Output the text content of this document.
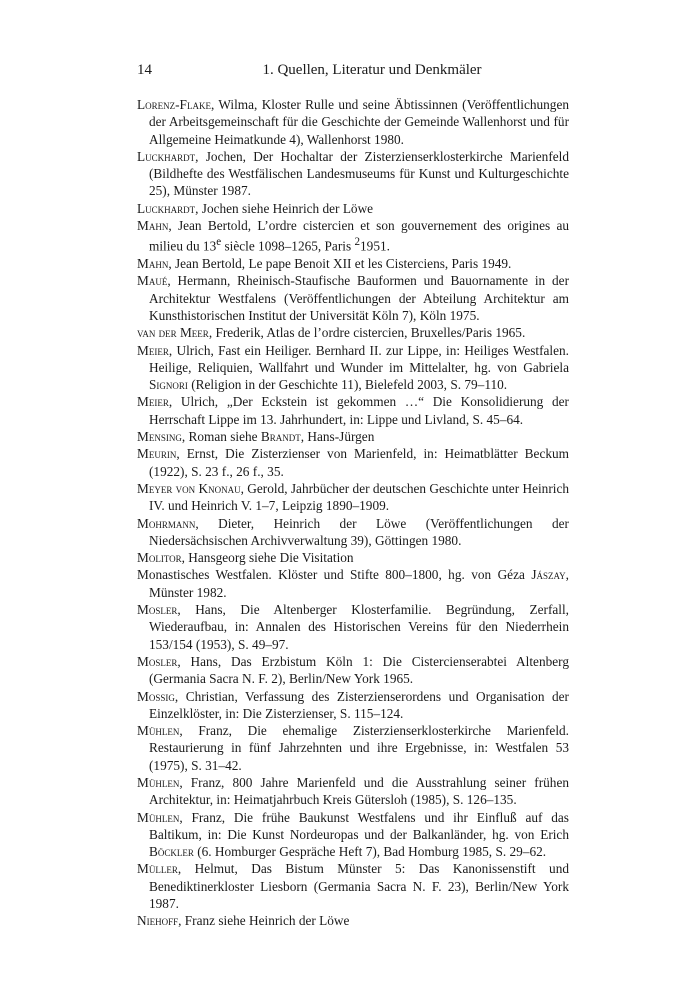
14	1. Quellen, Literatur und Denkmäler

Lorenz-Flake, Wilma, Kloster Rulle und seine Äbtissinnen (Veröffentlichungen der Arbeitsgemeinschaft für die Geschichte der Gemeinde Wallenhorst und für Allgemeine Heimatkunde 4), Wallenhorst 1980.

Luckhardt, Jochen, Der Hochaltar der Zisterzienserklosterkirche Marienfeld (Bildhefte des Westfälischen Landesmuseums für Kunst und Kulturgeschichte 25), Münster 1987.

Luckhardt, Jochen siehe Heinrich der Löwe

Mahn, Jean Bertold, L’ordre cistercien et son gouvernement des origines au milieu du 13e siècle 1098–1265, Paris $^2$1951.

Mahn, Jean Bertold, Le pape Benoit XII et les Cisterciens, Paris 1949.

Maué, Hermann, Rheinisch-Staufische Bauformen und Bauornamente in der Architektur Westfalens (Veröffentlichungen der Abteilung Architektur am Kunsthistorischen Institut der Universität Köln 7), Köln 1975.

van der Meer, Frederik, Atlas de l’ordre cistercien, Bruxelles/Paris 1965.

Meier, Ulrich, Fast ein Heiliger. Bernhard II. zur Lippe, in: Heiliges Westfalen. Heilige, Reliquien, Wallfahrt und Wunder im Mittelalter, hg. von Gabriela Signori (Religion in der Geschichte 11), Bielefeld 2003, S. 79–110.

Meier, Ulrich, „Der Eckstein ist gekommen …“ Die Konsolidierung der Herrschaft Lippe im 13. Jahrhundert, in: Lippe und Livland, S. 45–64.

Mensing, Roman siehe Brandt, Hans-Jürgen

Meurin, Ernst, Die Zisterzienser von Marienfeld, in: Heimatblätter Beckum (1922), S. 23 f., 26 f., 35.

Meyer von Knonau, Gerold, Jahrbücher der deutschen Geschichte unter Heinrich IV. und Heinrich V. 1–7, Leipzig 1890–1909.

Mohrmann, Dieter, Heinrich der Löwe (Veröffentlichungen der Niedersächsischen Archivverwaltung 39), Göttingen 1980.

Molitor, Hansgeorg siehe Die Visitation

Monastisches Westfalen. Klöster und Stifte 800–1800, hg. von Géza Jászay, Münster 1982.

Mosler, Hans, Die Altenberger Klosterfamilie. Begründung, Zerfall, Wiederaufbau, in: Annalen des Historischen Vereins für den Niederrhein 153/154 (1953), S. 49–97.

Mosler, Hans, Das Erzbistum Köln 1: Die Cistercienserabtei Altenberg (Germania Sacra N. F. 2), Berlin/New York 1965.

Mossig, Christian, Verfassung des Zisterzienserordens und Organisation der Einzelklöster, in: Die Zisterzienser, S. 115–124.

Mühlen, Franz, Die ehemalige Zisterzienserklosterkirche Marienfeld. Restaurierung in fünf Jahrzehnten und ihre Ergebnisse, in: Westfalen 53 (1975), S. 31–42.

Mühlen, Franz, 800 Jahre Marienfeld und die Ausstrahlung seiner frühen Architektur, in: Heimatjahrbuch Kreis Gütersloh (1985), S. 126–135.

Mühlen, Franz, Die frühe Baukunst Westfalens und ihr Einfluß auf das Baltikum, in: Die Kunst Nordeuropas und der Balkanländer, hg. von Erich Böckler (6. Homburger Gespräche Heft 7), Bad Homburg 1985, S. 29–62.

Müller, Helmut, Das Bistum Münster 5: Das Kanonissenstift und Benediktinerkloster Liesborn (Germania Sacra N. F. 23), Berlin/New York 1987.

Niehoff, Franz siehe Heinrich der Löwe
